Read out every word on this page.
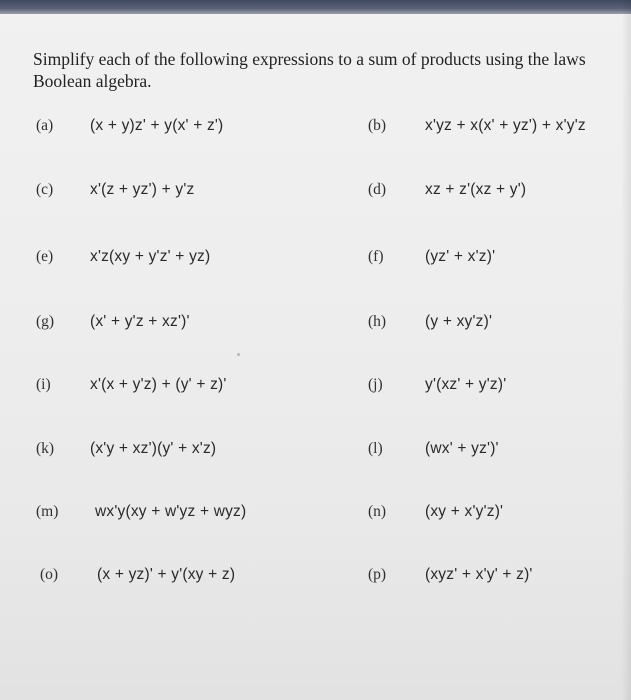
Simplify each of the following expressions to a sum of products using the laws
Boolean algebra.
(a) (x + y)z' + y(x' + z')	(b)	x'yz + x(x' + yz') + x'y'z
(c) x'(z + yz') + y'z	(d)	xz + z'(xz + y')
(e) x'z(xy + y'z' + yz)	(f)	(yz' + x'z)'
(g) (x' + y'z + xz')'	(h)	(y + xy'z)'
(i)	x'(x + y'z) + (y' + z)'	(j)	y'(xz' + y'z)'
(k) (x'y + xz')(y' + x'z)	(l)	(wx' + yz')'
(m) wx'y(xy + w'yz + wyz)	(n)	(xy + x'y'z)'
(o)	(x + yz)' + y'(xy + z)	(p)	(xyz' + x'y' + z)'
